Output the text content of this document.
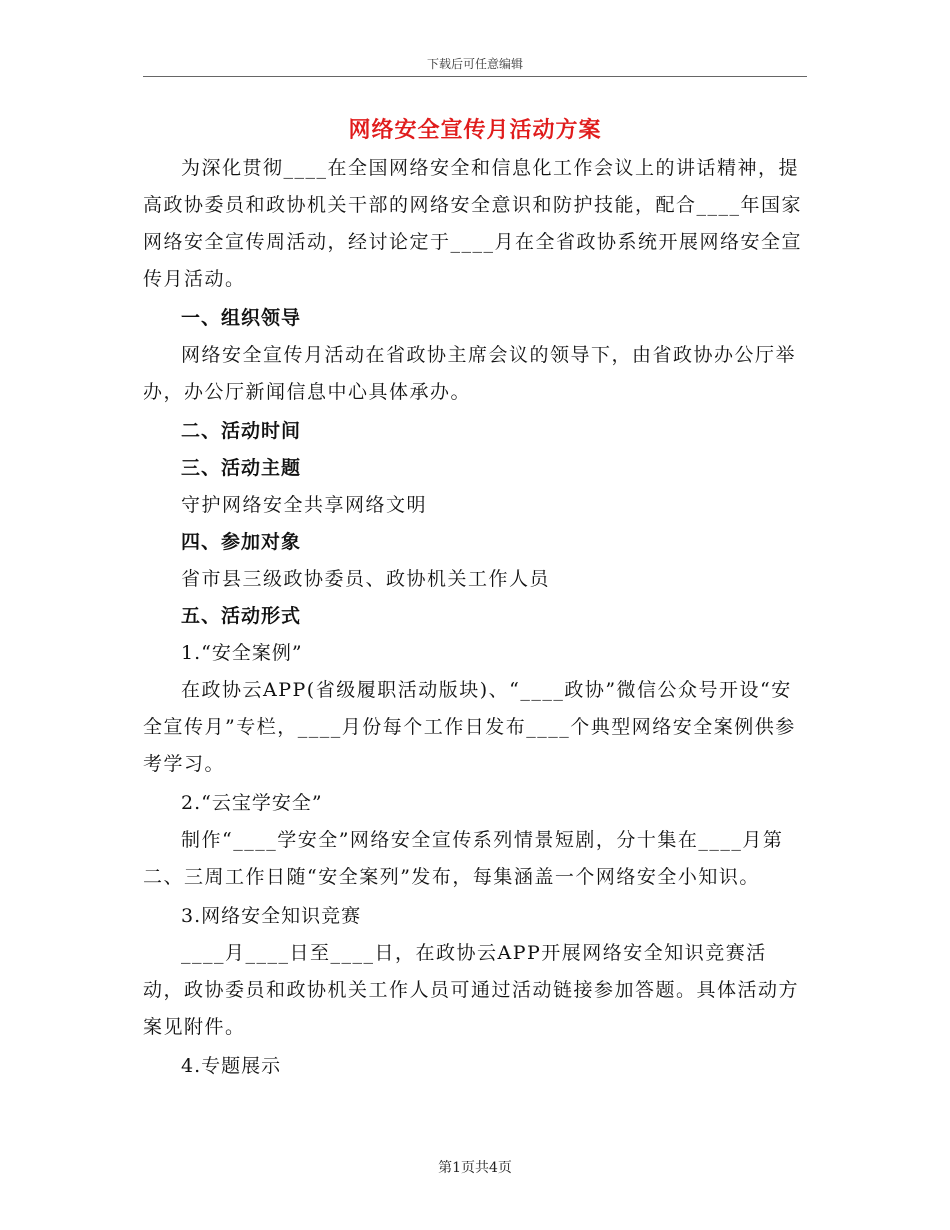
下载后可任意编辑
网络安全宣传月活动方案

为深化贯彻____在全国网络安全和信息化工作会议上的讲话精神，提高政协委员和政协机关干部的网络安全意识和防护技能，配合____年国家网络安全宣传周活动，经讨论定于____月在全省政协系统开展网络安全宣传月活动。

一、组织领导

网络安全宣传月活动在省政协主席会议的领导下，由省政协办公厅举办，办公厅新闻信息中心具体承办。

二、活动时间

三、活动主题

守护网络安全共享网络文明

四、参加对象

省市县三级政协委员、政协机关工作人员

五、活动形式

1.“安全案例”

在政协云APP(省级履职活动版块)、“____政协”微信公众号开设“安全宣传月”专栏，____月份每个工作日发布____个典型网络安全案例供参考学习。

2.“云宝学安全”

制作“____学安全”网络安全宣传系列情景短剧，分十集在____月第二、三周工作日随“安全案列”发布，每集涵盖一个网络安全小知识。

3.网络安全知识竞赛

____月____日至____日，在政协云APP开展网络安全知识竞赛活动，政协委员和政协机关工作人员可通过活动链接参加答题。具体活动方案见附件。

4.专题展示

第1页共4页
